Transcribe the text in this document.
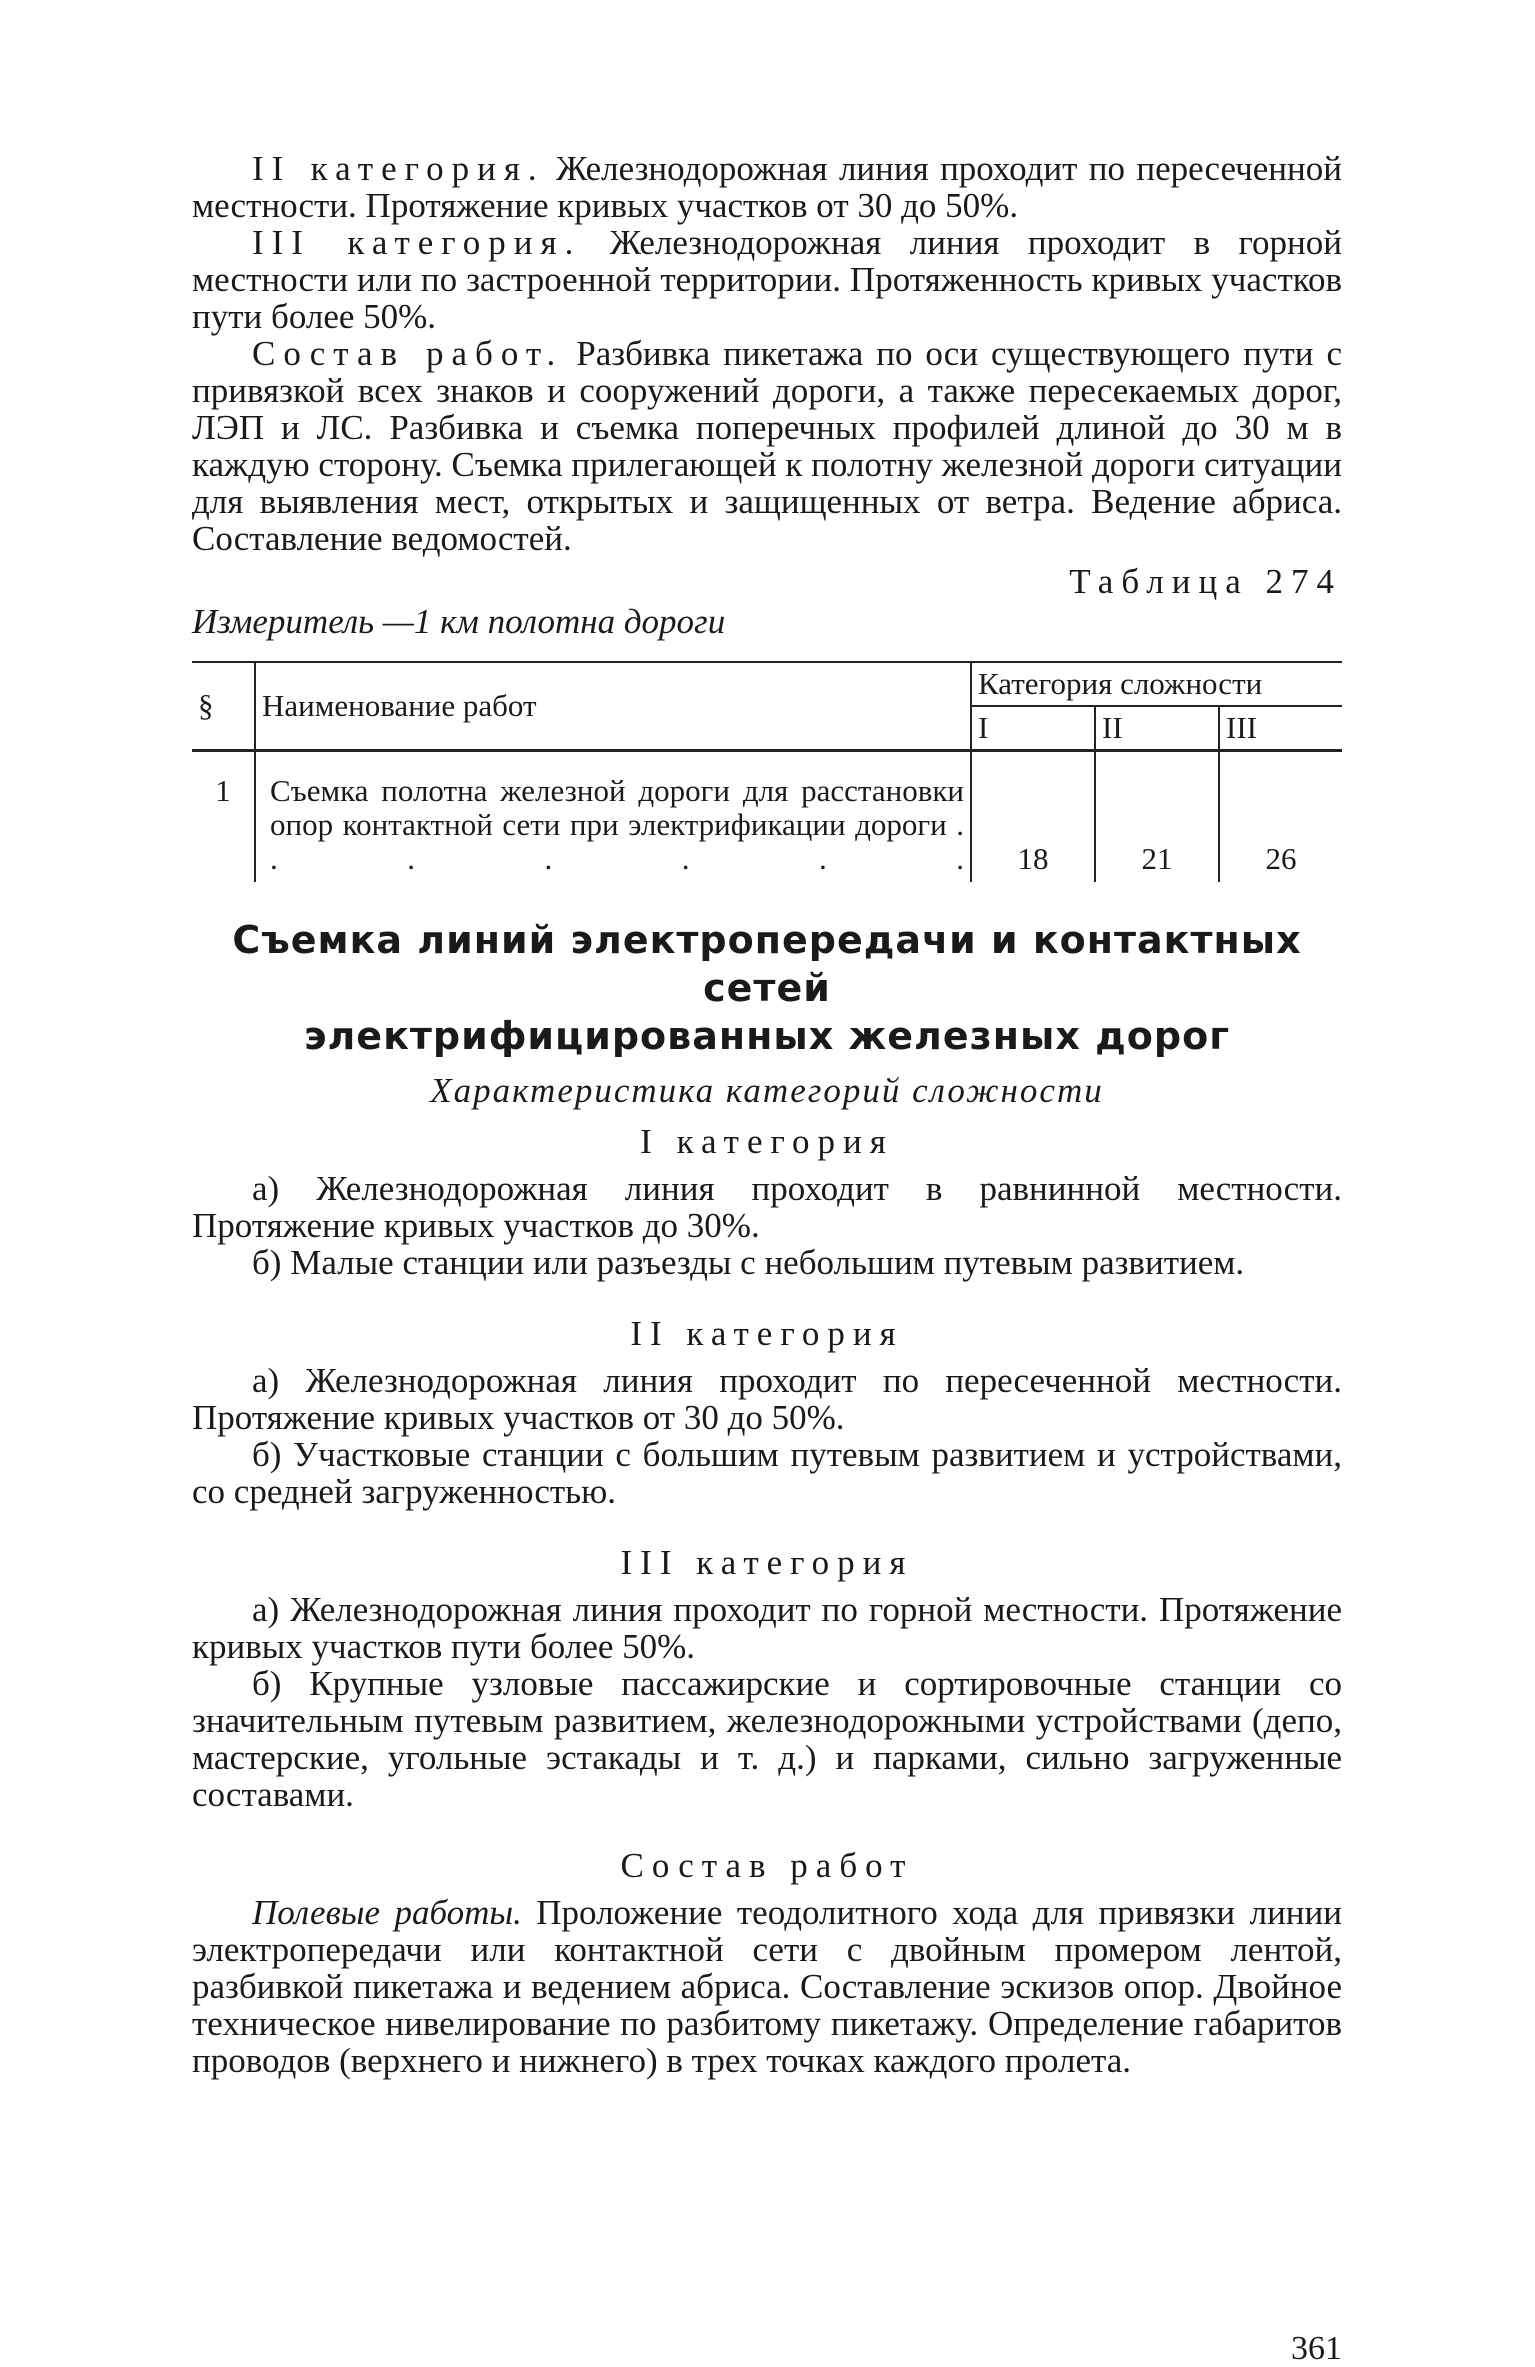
II категория. Железнодорожная линия проходит по пересеченной местности. Протяжение кривых участков от 30 до 50%.

III категория. Железнодорожная линия проходит в горной местности или по застроенной территории. Протяженность кривых участков пути более 50%.

Состав работ. Разбивка пикетажа по оси существующего пути с привязкой всех знаков и сооружений дороги, а также пересекаемых дорог, ЛЭП и ЛС. Разбивка и съемка поперечных профилей длиной до 30 м в каждую сторону. Съемка прилегающей к полотну железной дороги ситуации для выявления мест, открытых и защищенных от ветра. Ведение абриса. Составление ведомостей.

Таблица 274
Измеритель —1 км полотна дороги
§	Наименование работ	Категория сложности		
		I	II	III
1	Съемка полотна железной дороги для расстановки опор контактной сети при электрификации дороги . . . . . . .	18	21	26
Съемка линий электропередачи и контактных сетей
электрифицированных железных дорог
Характеристика категорий сложности
I категория

а) Железнодорожная линия проходит в равнинной местности. Протяжение кривых участков до 30%.

б) Малые станции или разъезды с небольшим путевым развитием.

II категория

а) Железнодорожная линия проходит по пересеченной местности. Протяжение кривых участков от 30 до 50%.

б) Участковые станции с большим путевым развитием и устройствами, со средней загруженностью.

III категория

а) Железнодорожная линия проходит по горной местности. Протяжение кривых участков пути более 50%.

б) Крупные узловые пассажирские и сортировочные станции со значительным путевым развитием, железнодорожными устройствами (депо, мастерские, угольные эстакады и т. д.) и парками, сильно загруженные составами.

Состав работ

Полевые работы. Проложение теодолитного хода для привязки линии электропередачи или контактной сети с двойным промером лентой, разбивкой пикетажа и ведением абриса. Составление эскизов опор. Двойное техническое нивелирование по разбитому пикетажу. Определение габаритов проводов (верхнего и нижнего) в трех точках каждого пролета.

361
